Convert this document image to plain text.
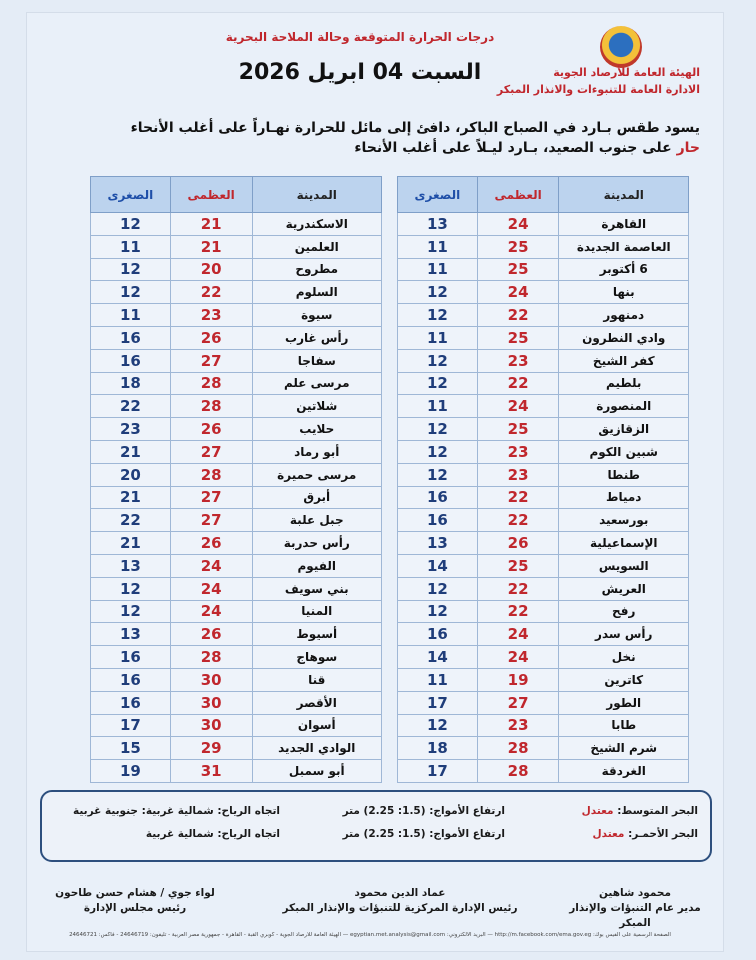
الهيئة العامة للأرصاد الجوية
الادارة العامة للتنبوءات والانذار المبكر
درجات الحرارة المتوقعة وحالة الملاحة البحرية
السبت 04 ابريل 2026
يسود طقس بـارد في الصباح الباكر، دافئ إلى مائل للحرارة نهـاراً على أغلب الأنحاء
حار على جنوب الصعيد، بـارد ليـلاً على أغلب الأنحاء
المدينة	العظمى	الصغرى
القاهرة	24	13
العاصمة الجديدة	25	11
6 أكتوبر	25	11
بنها	24	12
دمنهور	22	12
وادي النطرون	25	11
كفر الشيخ	23	12
بلطيم	22	12
المنصورة	24	11
الزقازيق	25	12
شبين الكوم	23	12
طنطا	23	12
دمياط	22	16
بورسعيد	22	16
الإسماعيلية	26	13
السويس	25	14
العريش	22	12
رفح	22	12
رأس سدر	24	16
نخل	24	14
كاترين	19	11
الطور	27	17
طابا	23	12
شرم الشيخ	28	18
الغردقة	28	17
المدينة	العظمى	الصغرى
الاسكندرية	21	12
العلمين	21	11
مطروح	20	12
السلوم	22	12
سيوة	23	11
رأس غارب	26	16
سفاجا	27	16
مرسى علم	28	18
شلاتين	28	22
حلايب	26	23
أبو رماد	27	21
مرسى حميرة	28	20
أبرق	27	21
جبل علبة	27	22
رأس حدربة	26	21
الفيوم	24	13
بني سويف	24	12
المنيا	24	12
أسيوط	26	13
سوهاج	28	16
قنا	30	16
الأقصر	30	16
أسوان	30	17
الوادي الجديد	29	15
أبو سمبل	31	19
البحر المتوسط: معتدل
ارتفاع الأمواج: (1.5: 2.25) متر
اتجاه الرياح: شمالية غربية: جنوبية غربية
البحر الأحمـر: معتدل
ارتفاع الأمواج: (1.5: 2.25) متر
اتجاه الرياح: شمالية غربية
محمود شاهين
مدير عام التنبؤات والإنذار المبكر
عماد الدين محمود
رئيس الإدارة المركزية للتنبؤات والإنذار المبكر
لواء جوي / هشام حسن طاحون
رئيس مجلس الإدارة
الصفحة الرسمية على الفيس بوك: http://m.facebook.com/ema.gov.eg — البريد الالكتروني: egyptian.met.analysis@gmail.com — الهيئة العامة للأرصاد الجوية - كوبري القبة - القاهرة - جمهورية مصر العربية - تليفون: 24646719 - فاكس: 24646721
